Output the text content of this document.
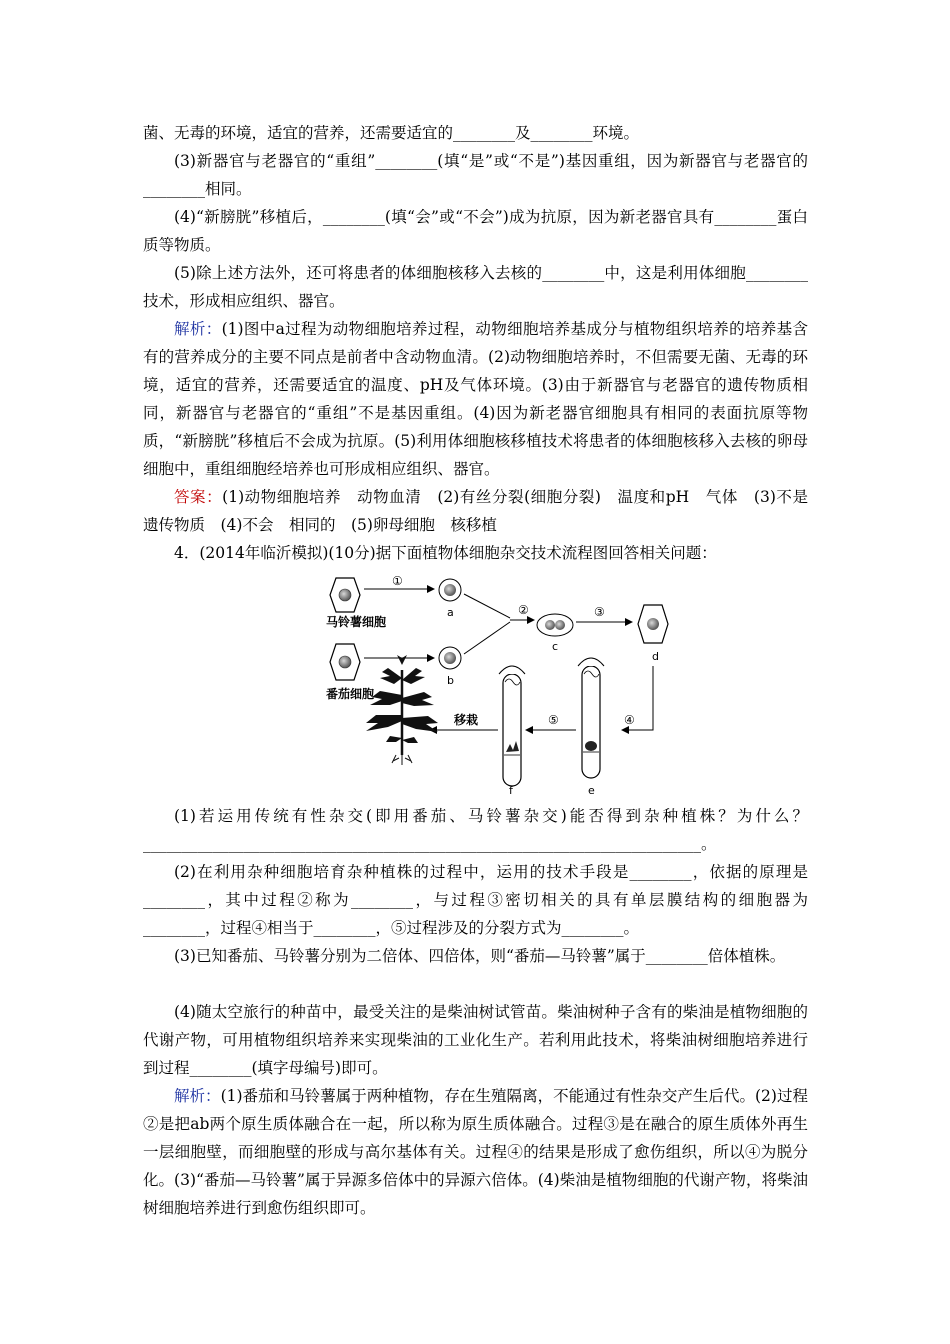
菌、无毒的环境，适宜的营养，还需要适宜的________及________环境。

(3)新器官与老器官的“重组”________(填“是”或“不是”)基因重组，因为新器官与老器官的________相同。

(4)“新膀胱”移植后，________(填“会”或“不会”)成为抗原，因为新老器官具有________蛋白质等物质。

(5)除上述方法外，还可将患者的体细胞核移入去核的________中，这是利用体细胞________技术，形成相应组织、器官。

解析：(1)图中a过程为动物细胞培养过程，动物细胞培养基成分与植物组织培养的培养基含有的营养成分的主要不同点是前者中含动物血清。(2)动物细胞培养时，不但需要无菌、无毒的环境，适宜的营养，还需要适宜的温度、pH及气体环境。(3)由于新器官与老器官的遗传物质相同，新器官与老器官的“重组”不是基因重组。(4)因为新老器官细胞具有相同的表面抗原等物质，“新膀胱”移植后不会成为抗原。(5)利用体细胞核移植技术将患者的体细胞核移入去核的卵母细胞中，重组细胞经培养也可形成相应组织、器官。

答案：(1)动物细胞培养　动物血清　(2)有丝分裂(细胞分裂)　温度和pH　气体　(3)不是　遗传物质　(4)不会　相同的　(5)卵母细胞　核移植

4．(2014年临沂模拟)(10分)据下面植物体细胞杂交技术流程图回答相关问题：

马铃薯细胞
番茄细胞
①
a
b
②
c
③
d
④
e
⑤
f
移栽

(1)若运用传统有性杂交(即用番茄、马铃薯杂交)能否得到杂种植株？为什么？________________________________________________________________________。

(2)在利用杂种细胞培育杂种植株的过程中，运用的技术手段是________，依据的原理是________，其中过程②称为________，与过程③密切相关的具有单层膜结构的细胞器为________，过程④相当于________，⑤过程涉及的分裂方式为________。

(3)已知番茄、马铃薯分别为二倍体、四倍体，则“番茄—马铃薯”属于________倍体植株。

(4)随太空旅行的种苗中，最受关注的是柴油树试管苗。柴油树种子含有的柴油是植物细胞的代谢产物，可用植物组织培养来实现柴油的工业化生产。若利用此技术，将柴油树细胞培养进行到过程________(填字母编号)即可。

解析：(1)番茄和马铃薯属于两种植物，存在生殖隔离，不能通过有性杂交产生后代。(2)过程②是把ab两个原生质体融合在一起，所以称为原生质体融合。过程③是在融合的原生质体外再生一层细胞壁，而细胞壁的形成与高尔基体有关。过程④的结果是形成了愈伤组织，所以④为脱分化。(3)“番茄—马铃薯”属于异源多倍体中的异源六倍体。(4)柴油是植物细胞的代谢产物，将柴油树细胞培养进行到愈伤组织即可。
